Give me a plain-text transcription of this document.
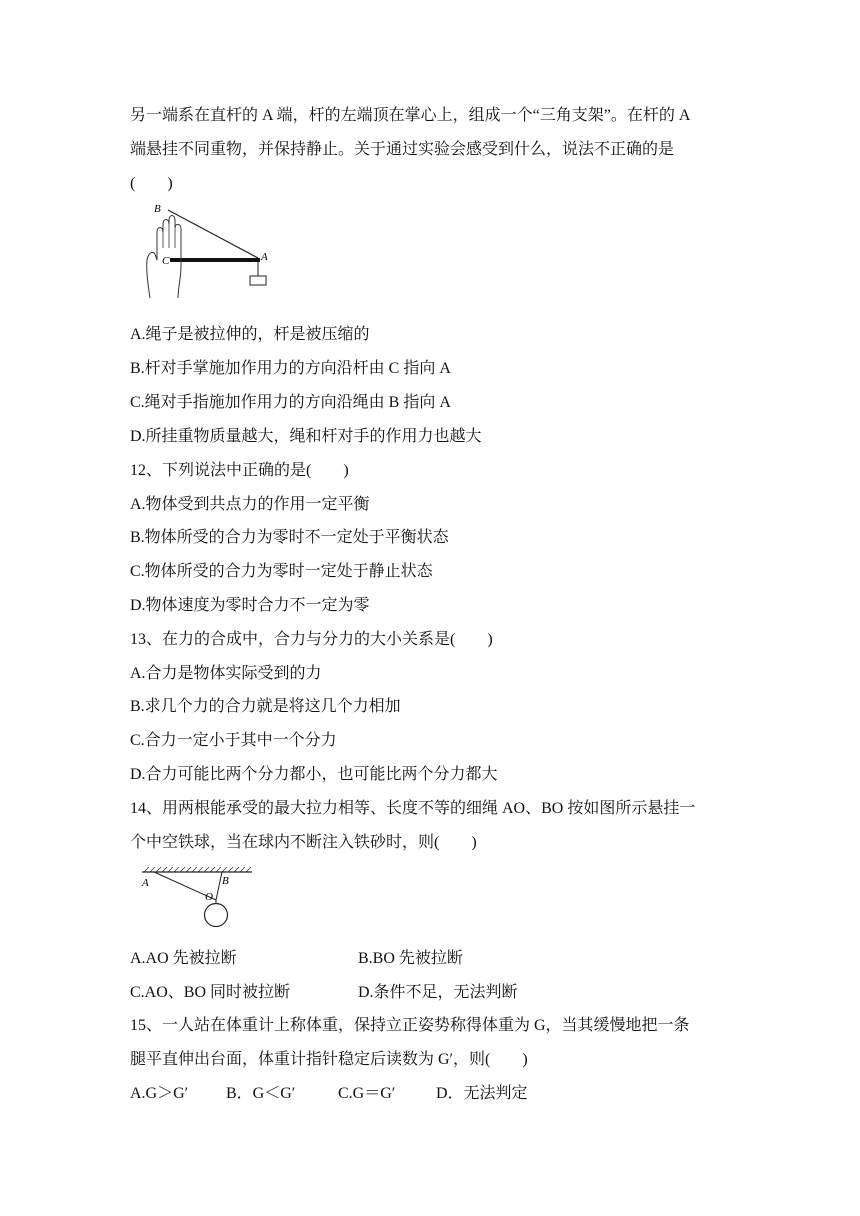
另一端系在直杆的 A 端，杆的左端顶在掌心上，组成一个“三角支架”。在杆的 A
端悬挂不同重物，并保持静止。关于通过实验会感受到什么，说法不正确的是
(　　)
B
C	A
A.绳子是被拉伸的，杆是被压缩的
B.杆对手掌施加作用力的方向沿杆由 C 指向 A
C.绳对手指施加作用力的方向沿绳由 B 指向 A
D.所挂重物质量越大，绳和杆对手的作用力也越大
12、下列说法中正确的是(　　)
A.物体受到共点力的作用一定平衡
B.物体所受的合力为零时不一定处于平衡状态
C.物体所受的合力为零时一定处于静止状态
D.物体速度为零时合力不一定为零
13、在力的合成中，合力与分力的大小关系是(　　)
A.合力是物体实际受到的力
B.求几个力的合力就是将这几个力相加
C.合力一定小于其中一个分力
D.合力可能比两个分力都小，也可能比两个分力都大
14、用两根能承受的最大拉力相等、长度不等的细绳 AO、BO 按如图所示悬挂一
个中空铁球，当在球内不断注入铁砂时，则(　　)
A
O
B
A.AO 先被拉断	B.BO 先被拉断
C.AO、BO 同时被拉断	D.条件不足，无法判断
15、一人站在体重计上称体重，保持立正姿势称得体重为 G，当其缓慢地把一条
腿平直伸出台面，体重计指针稳定后读数为 G′，则(　　)
A.G＞G′ B．G＜G′	C.G＝G′	D．无法判定
